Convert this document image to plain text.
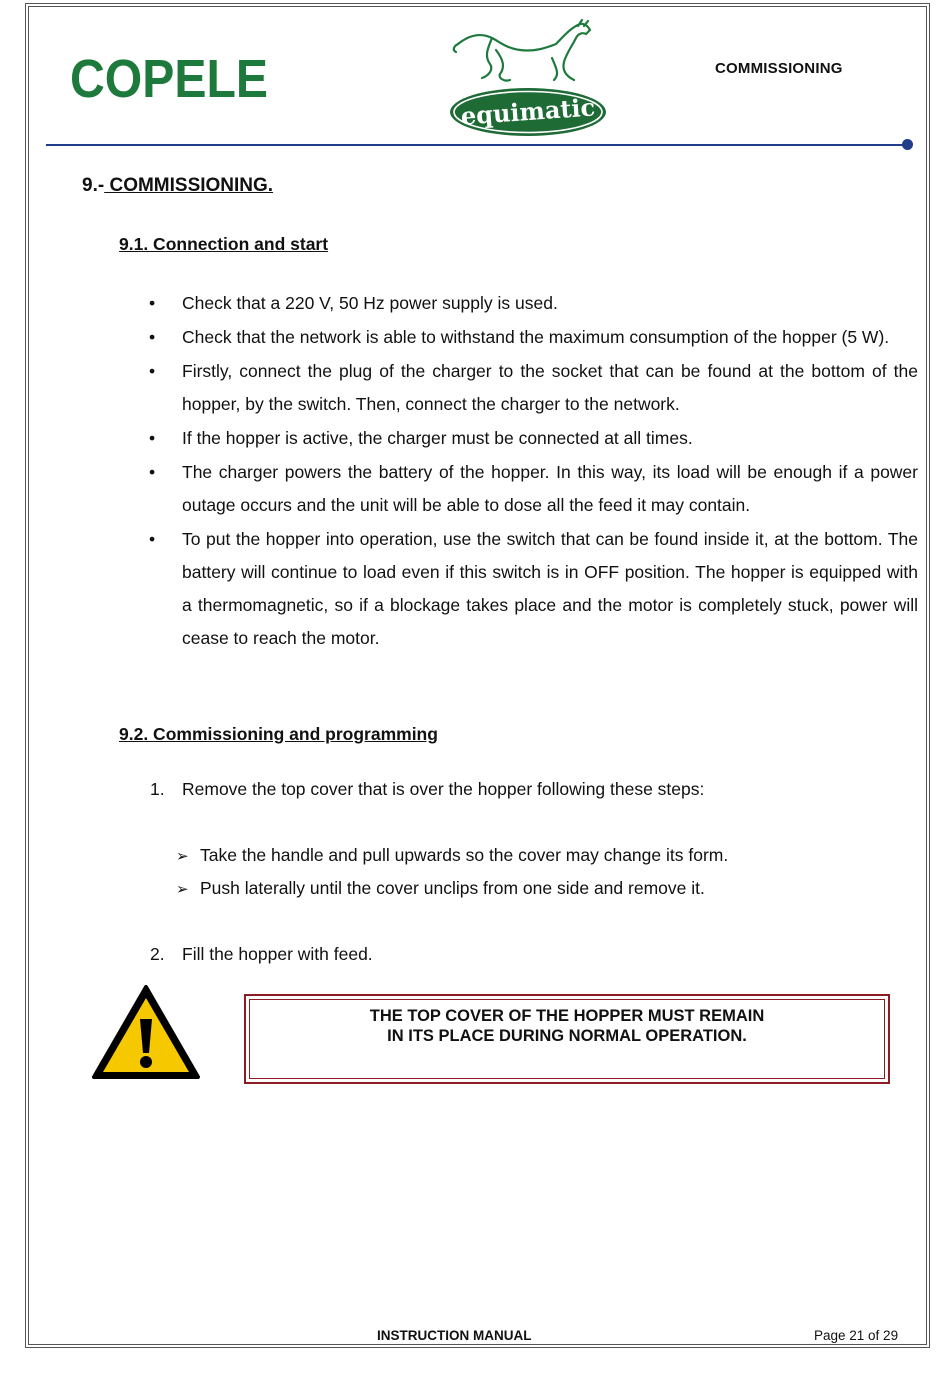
COPELE
equimatic
COMMISSIONING
9.- COMMISSIONING.
9.1. Connection and start
• Check that a 220 V, 50 Hz power supply is used.
• Check that the network is able to withstand the maximum consumption of the hopper (5 W).
• Firstly, connect the plug of the charger to the socket that can be found at the bottom of the hopper, by the switch. Then, connect the charger to the network.
• If the hopper is active, the charger must be connected at all times.
• The charger powers the battery of the hopper. In this way, its load will be enough if a power outage occurs and the unit will be able to dose all the feed it may contain.
• To put the hopper into operation, use the switch that can be found inside it, at the bottom. The battery will continue to load even if this switch is in OFF position. The hopper is equipped with a thermomagnetic, so if a blockage takes place and the motor is completely stuck, power will cease to reach the motor.
9.2. Commissioning and programming
1. Remove the top cover that is over the hopper following these steps:
➢ Take the handle and pull upwards so the cover may change its form.
➢ Push laterally until the cover unclips from one side and remove it.
2. Fill the hopper with feed.
THE TOP COVER OF THE HOPPER MUST REMAIN
IN ITS PLACE DURING NORMAL OPERATION.
INSTRUCTION MANUAL	Page 21 of 29
